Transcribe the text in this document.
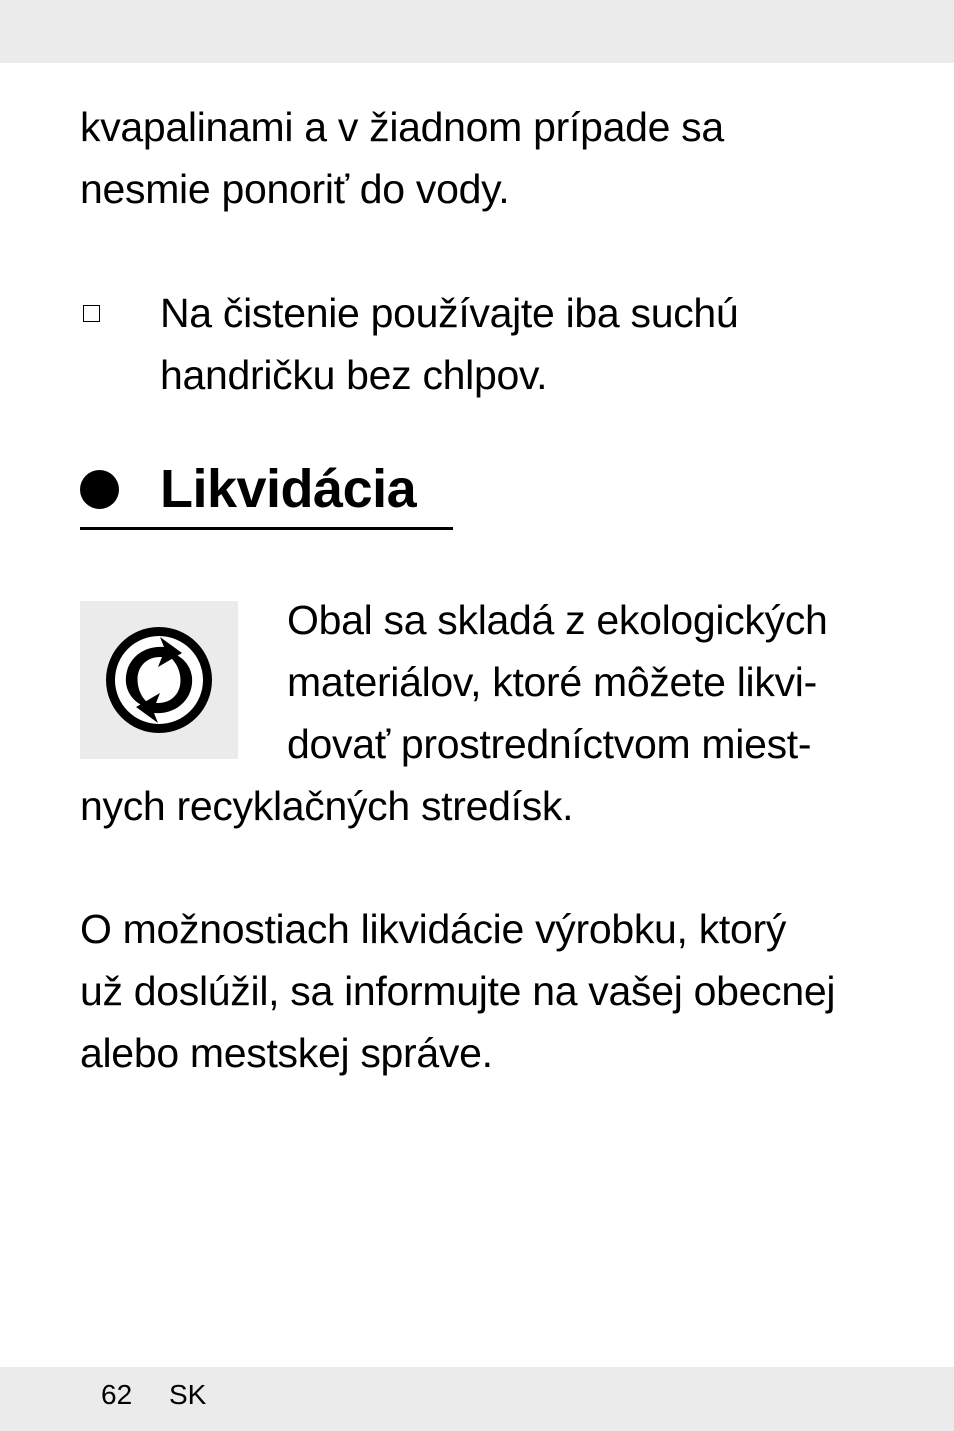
kvapalinami a v žiadnom prípade sa
nesmie ponoriť do vody.

Na čistenie používajte iba suchú
handričku bez chlpov.

Likvidácia

Obal sa skladá z ekologických
materiálov, ktoré môžete likvi-
dovať prostredníctvom miest-

nych recyklačných stredísk.

O možnostiach likvidácie výrobku, ktorý
už doslúžil, sa informujte na vašej obecnej
alebo mestskej správe.

62 SK
